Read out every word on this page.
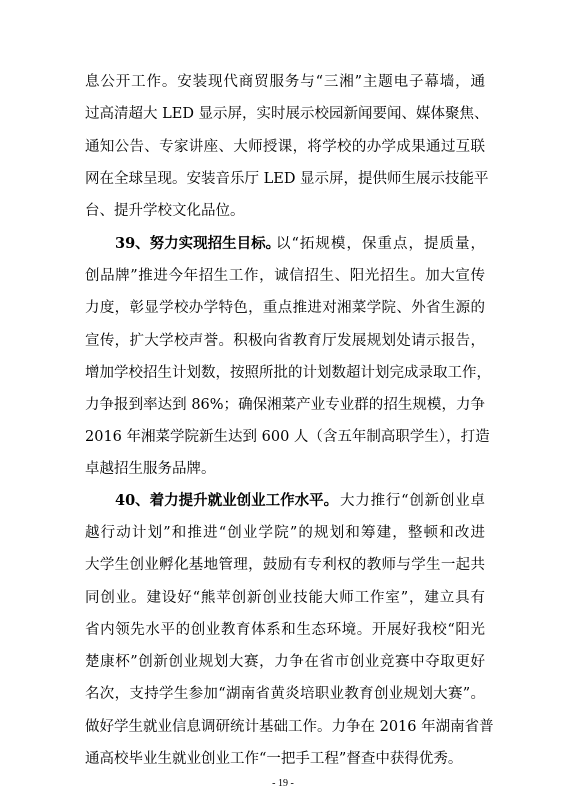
息公开工作。安装现代商贸服务与“三湘”主题电子幕墙，通
过高清超大 LED 显示屏，实时展示校园新闻要闻、媒体聚焦、
通知公告、专家讲座、大师授课，将学校的办学成果通过互联
网在全球呈现。安装音乐厅 LED 显示屏，提供师生展示技能平
台、提升学校文化品位。
39、努力实现招生目标。
以“拓规模，保重点，提质量，
创品牌”推进今年招生工作，诚信招生、阳光招生。加大宣传
力度，彰显学校办学特色，重点推进对湘菜学院、外省生源的
宣传，扩大学校声誉。积极向省教育厅发展规划处请示报告，
增加学校招生计划数，按照所批的计划数超计划完成录取工作，
力争报到率达到 86%；确保湘菜产业专业群的招生规模，力争
2016 年湘菜学院新生达到 600 人（含五年制高职学生），打造
卓越招生服务品牌。
40、着力提升就业创业工作水平。 大力推行“创新创业卓
越行动计划”和推进“创业学院”的规划和筹建，整顿和改进
大学生创业孵化基地管理，鼓励有专利权的教师与学生一起共
同创业。建设好“熊苹创新创业技能大师工作室”，建立具有
省内领先水平的创业教育体系和生态环境。开展好我校“阳光
楚康杯”创新创业规划大赛，力争在省市创业竞赛中夺取更好
名次，支持学生参加“湖南省黄炎培职业教育创业规划大赛”。
做好学生就业信息调研统计基础工作。力争在 2016 年湖南省普
通高校毕业生就业创业工作“一把手工程”督查中获得优秀。
- 19 -
